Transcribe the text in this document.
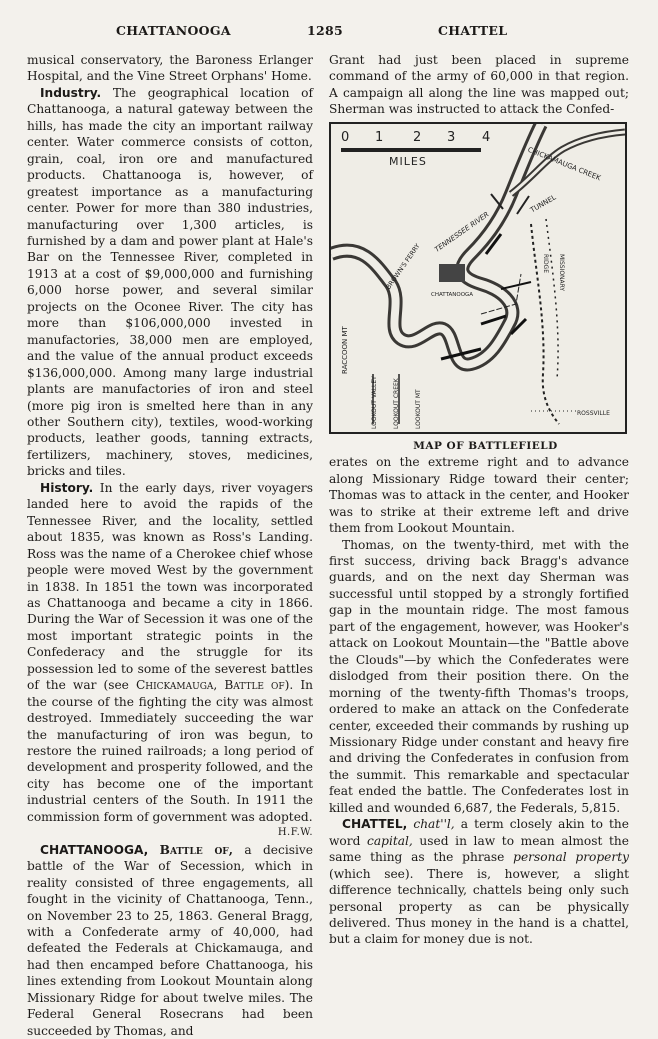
CHATTANOOGA	1285	CHATTEL

musical conservatory, the Baroness Erlanger Hospital, and the Vine Street Orphans' Home.

Industry. The geographical location of Chattanooga, a natural gateway between the hills, has made the city an important railway center. Water commerce consists of cotton, grain, coal, iron ore and manufactured products. Chattanooga is, however, of greatest importance as a manufacturing center. Power for more than 380 industries, manufacturing over 1,300 articles, is furnished by a dam and power plant at Hale's Bar on the Tennessee River, completed in 1913 at a cost of $9,000,000 and furnishing 6,000 horse power, and several similar projects on the Oconee River. The city has more than $106,000,000 invested in manufactories, 38,000 men are employed, and the value of the annual product exceeds $136,000,000. Among many large industrial plants are manufactories of iron and steel (more pig iron is smelted here than in any other Southern city), textiles, wood-working products, leather goods, tanning extracts, fertilizers, machinery, stoves, medicines, bricks and tiles.

History. In the early days, river voyagers landed here to avoid the rapids of the Tennessee River, and the locality, settled about 1835, was known as Ross's Landing. Ross was the name of a Cherokee chief whose people were moved West by the government in 1838. In 1851 the town was incorporated as Chattanooga and became a city in 1866. During the War of Secession it was one of the most important strategic points in the Confederacy and the struggle for its possession led to some of the severest battles of the war (see Chickamauga, Battle of). In the course of the fighting the city was almost destroyed. Immediately succeeding the war the manufacturing of iron was begun, to restore the ruined railroads; a long period of development and prosperity followed, and the city has become one of the important industrial centers of the South. In 1911 the commission form of government was adopted.
H.F.W.

CHATTANOOGA, Battle of, a decisive battle of the War of Secession, which in reality consisted of three engagements, all fought in the vicinity of Chattanooga, Tenn., on November 23 to 25, 1863. General Bragg, with a Confederate army of 40,000, had defeated the Federals at Chickamauga, and had then encamped before Chattanooga, his lines extending from Lookout Mountain along Missionary Ridge for about twelve miles. The Federal General Rosecrans had been succeeded by Thomas, and

Grant had just been placed in supreme command of the army of 60,000 in that region. A campaign all along the line was mapped out; Sherman was instructed to attack the Confed-

0 1 2 3 4
MILES	CHICKAMAUGA CREEK
TUNNEL
TENNESSEE RIVER
CHATTANOOGA
BROWN'S FERRY
RACCOON MT
LOOKOUT VALLEY	LOOKOUT CREEK	LOOKOUT MT
MISSIONARY RIDGE
ROSSVILLE

MAP OF BATTLEFIELD

erates on the extreme right and to advance along Missionary Ridge toward their center; Thomas was to attack in the center, and Hooker was to strike at their extreme left and drive them from Lookout Mountain.

Thomas, on the twenty-third, met with the first success, driving back Bragg's advance guards, and on the next day Sherman was successful until stopped by a strongly fortified gap in the mountain ridge. The most famous part of the engagement, however, was Hooker's attack on Lookout Mountain—the "Battle above the Clouds"—by which the Confederates were dislodged from their position there. On the morning of the twenty-fifth Thomas's troops, ordered to make an attack on the Confederate center, exceeded their commands by rushing up Missionary Ridge under constant and heavy fire and driving the Confederates in confusion from the summit. This remarkable and spectacular feat ended the battle. The Confederates lost in killed and wounded 6,687, the Federals, 5,815.

CHATTEL, chat''l, a term closely akin to the word capital, used in law to mean almost the same thing as the phrase personal property (which see). There is, however, a slight difference technically, chattels being only such personal property as can be physically delivered. Thus money in the hand is a chattel, but a claim for money due is not.
